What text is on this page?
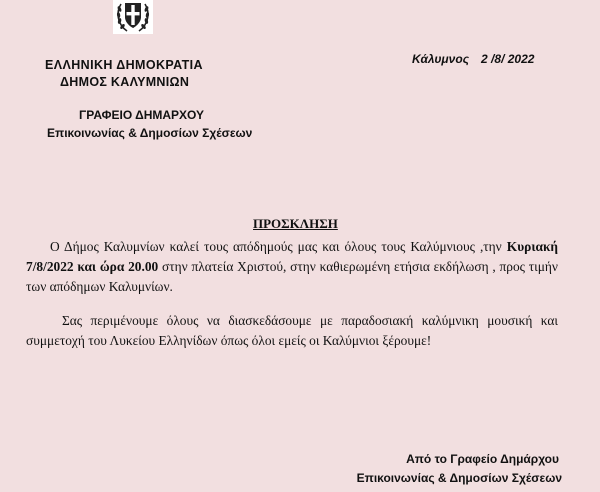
ΕΛΛΗΝΙΚΗ ΔΗΜΟΚΡΑΤΙΑ
ΔΗΜΟΣ ΚΑΛΥΜΝΙΩΝ
ΓΡΑΦΕΙΟ ΔΗΜΑΡΧΟΥ
Επικοινωνίας & Δημοσίων Σχέσεων
Κάλυμνος 2 /8/ 2022
ΠΡΟΣΚΛΗΣΗ
Ο Δήμος Καλυμνίων καλεί τους απόδημούς μας και όλους τους Καλύμνιους ,την Κυριακή 7/8/2022 και ώρα 20.00 στην πλατεία Χριστού, στην καθιερωμένη ετήσια εκδήλωση , προς τιμήν των απόδημων Καλυμνίων.
Σας περιμένουμε όλους να διασκεδάσουμε με παραδοσιακή καλύμνικη μουσική και συμμετοχή του Λυκείου Ελληνίδων όπως όλοι εμείς οι Καλύμνιοι ξέρουμε!
Από το Γραφείο Δημάρχου
Επικοινωνίας & Δημοσίων Σχέσεων
